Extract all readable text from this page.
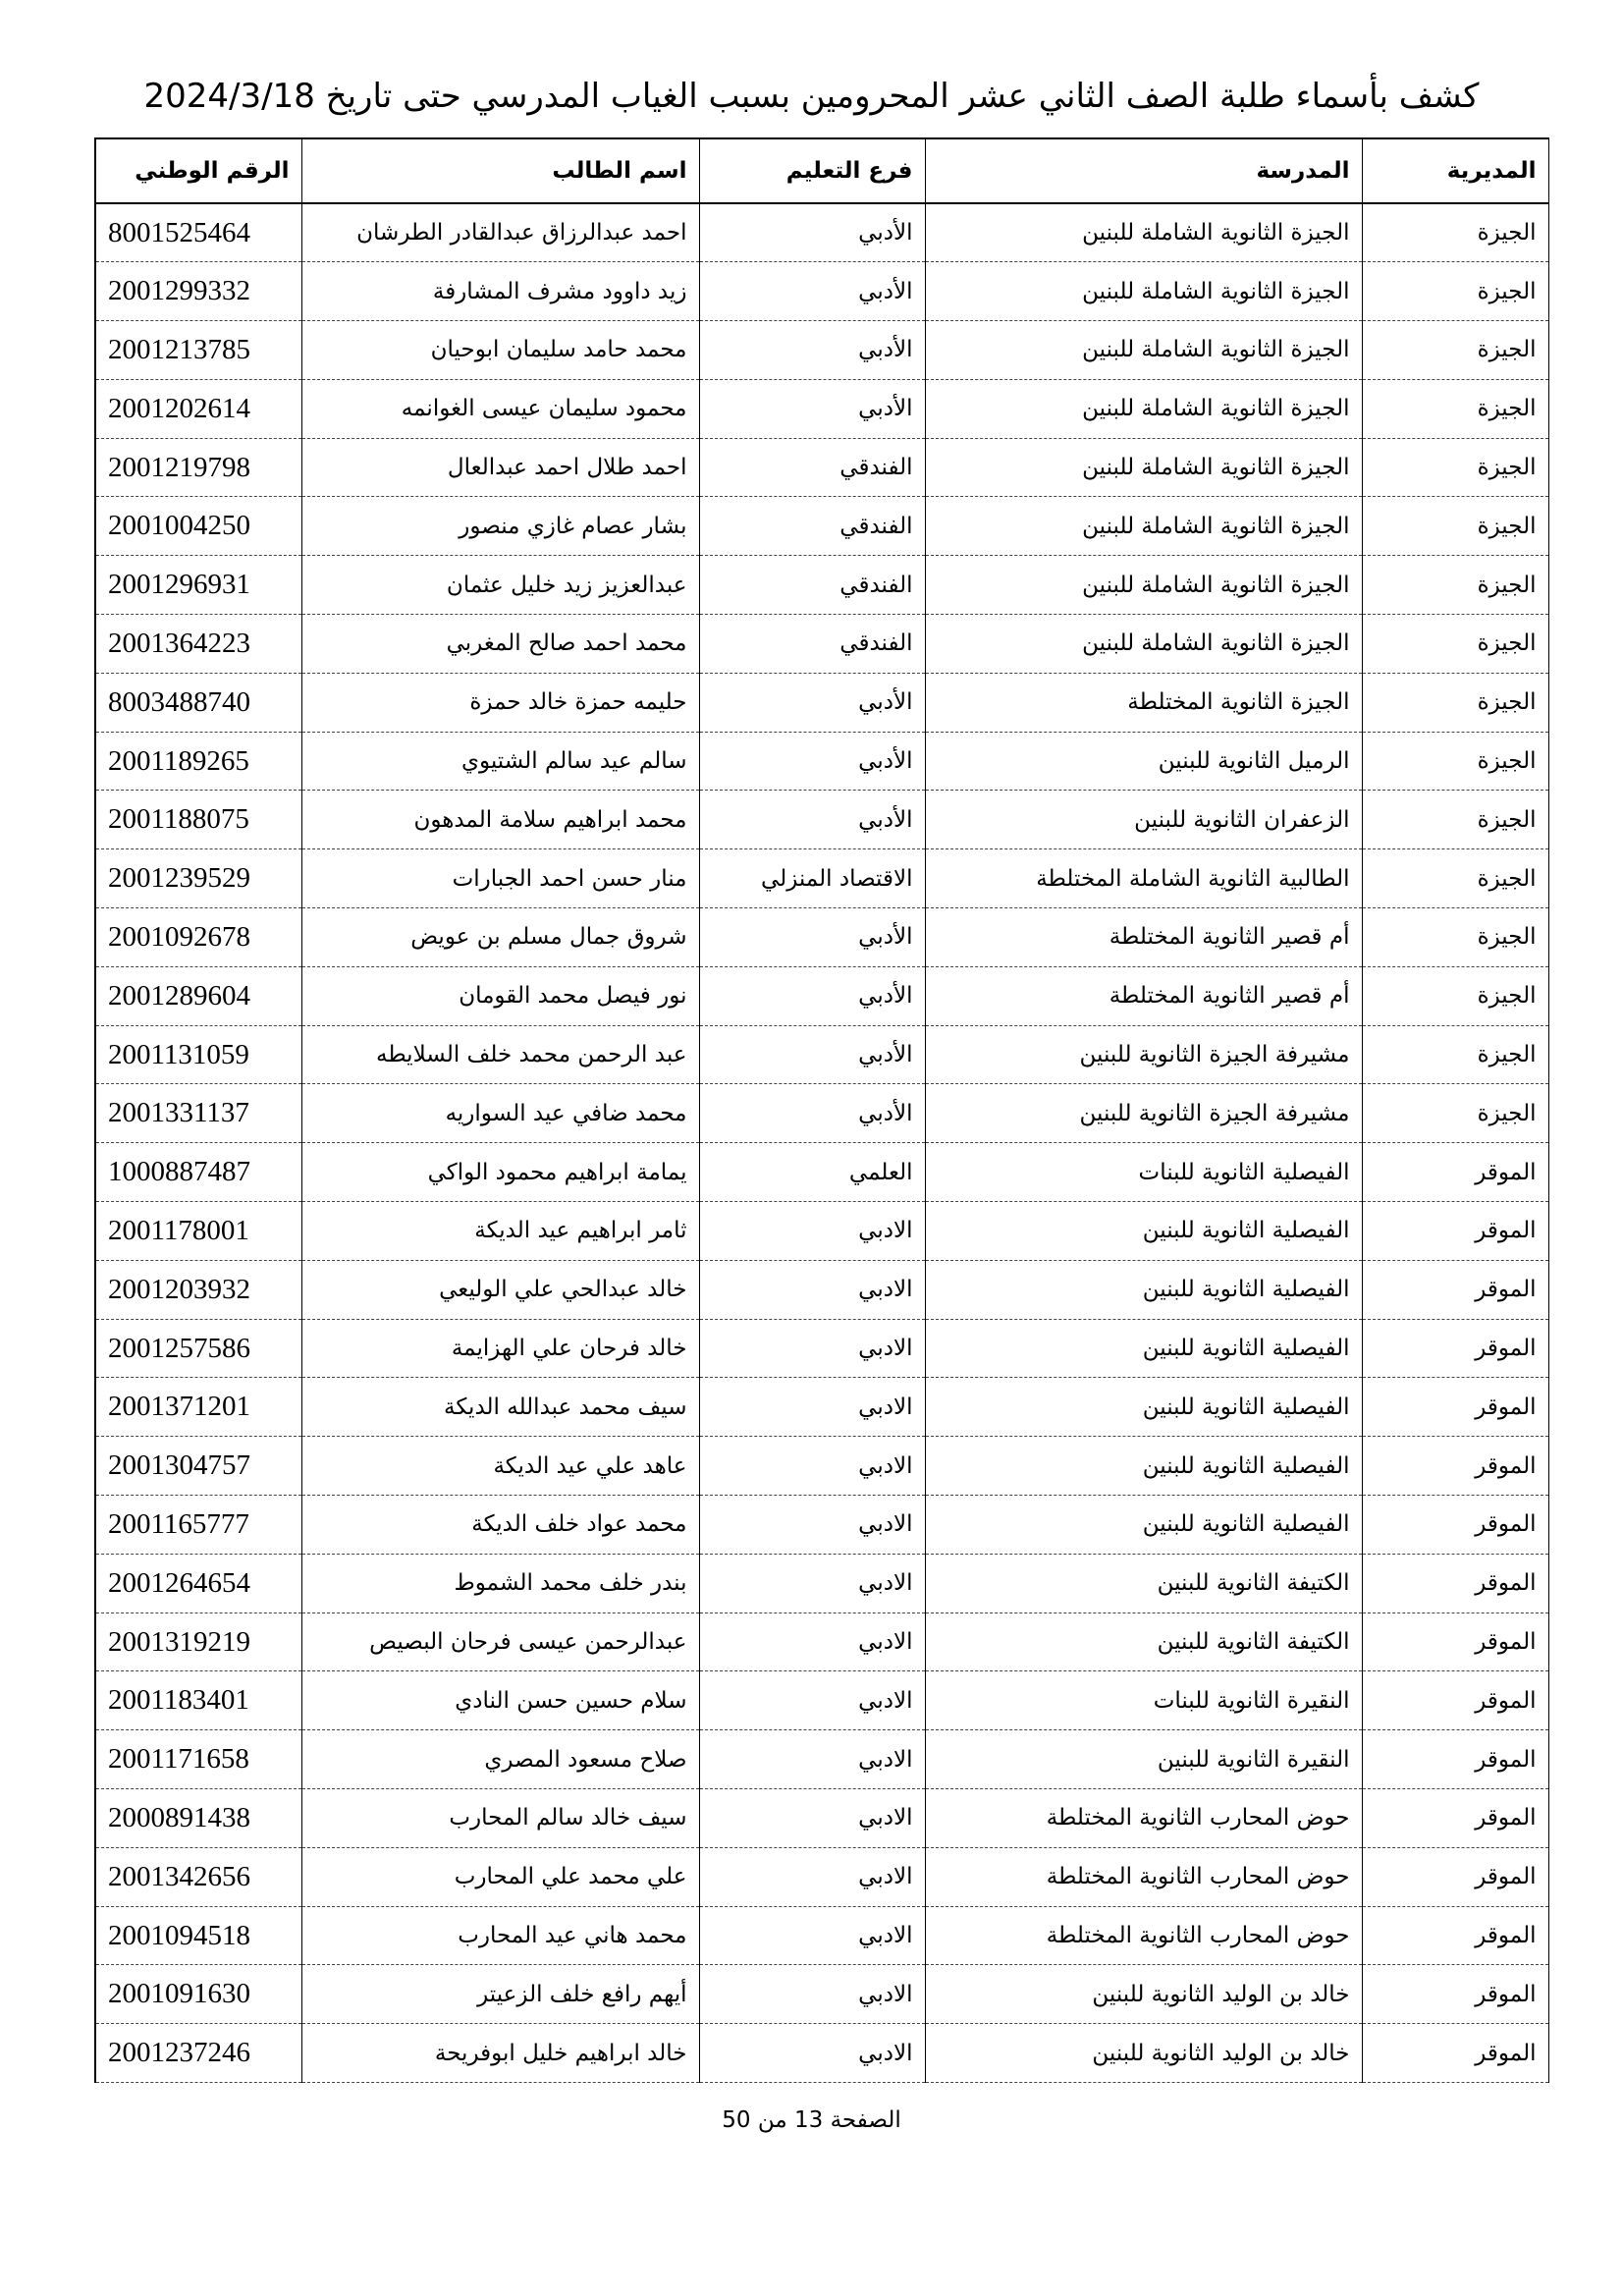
كشف بأسماء طلبة الصف الثاني عشر المحرومين بسبب الغياب المدرسي حتى تاريخ 2024/3/18
المديرية	المدرسة	فرع التعليم	اسم الطالب	الرقم الوطني
الجيزة	الجيزة الثانوية الشاملة للبنين	الأدبي	احمد عبدالرزاق عبدالقادر الطرشان	8001525464
الجيزة	الجيزة الثانوية الشاملة للبنين	الأدبي	زيد داوود مشرف المشارفة	2001299332
الجيزة	الجيزة الثانوية الشاملة للبنين	الأدبي	محمد حامد سليمان ابوحيان	2001213785
الجيزة	الجيزة الثانوية الشاملة للبنين	الأدبي	محمود سليمان عيسى الغوانمه	2001202614
الجيزة	الجيزة الثانوية الشاملة للبنين	الفندقي	احمد طلال احمد عبدالعال	2001219798
الجيزة	الجيزة الثانوية الشاملة للبنين	الفندقي	بشار عصام غازي منصور	2001004250
الجيزة	الجيزة الثانوية الشاملة للبنين	الفندقي	عبدالعزيز زيد خليل عثمان	2001296931
الجيزة	الجيزة الثانوية الشاملة للبنين	الفندقي	محمد احمد صالح المغربي	2001364223
الجيزة	الجيزة الثانوية المختلطة	الأدبي	حليمه حمزة خالد حمزة	8003488740
الجيزة	الرميل الثانوية للبنين	الأدبي	سالم عيد سالم الشتيوي	2001189265
الجيزة	الزعفران الثانوية للبنين	الأدبي	محمد ابراهيم سلامة المدهون	2001188075
الجيزة	الطالبية الثانوية الشاملة المختلطة	الاقتصاد المنزلي	منار حسن احمد الجبارات	2001239529
الجيزة	أم قصير الثانوية المختلطة	الأدبي	شروق جمال مسلم بن عويض	2001092678
الجيزة	أم قصير الثانوية المختلطة	الأدبي	نور فيصل محمد القومان	2001289604
الجيزة	مشيرفة الجيزة الثانوية للبنين	الأدبي	عبد الرحمن محمد خلف السلايطه	2001131059
الجيزة	مشيرفة الجيزة الثانوية للبنين	الأدبي	محمد ضافي عيد السواريه	2001331137
الموقر	الفيصلية الثانوية للبنات	العلمي	يمامة ابراهيم محمود الواكي	1000887487
الموقر	الفيصلية الثانوية للبنين	الادبي	ثامر ابراهيم عيد الديكة	2001178001
الموقر	الفيصلية الثانوية للبنين	الادبي	خالد عبدالحي علي الوليعي	2001203932
الموقر	الفيصلية الثانوية للبنين	الادبي	خالد فرحان علي الهزايمة	2001257586
الموقر	الفيصلية الثانوية للبنين	الادبي	سيف محمد عبدالله الديكة	2001371201
الموقر	الفيصلية الثانوية للبنين	الادبي	عاهد علي عيد الديكة	2001304757
الموقر	الفيصلية الثانوية للبنين	الادبي	محمد عواد خلف الديكة	2001165777
الموقر	الكتيفة الثانوية للبنين	الادبي	بندر خلف محمد الشموط	2001264654
الموقر	الكتيفة الثانوية للبنين	الادبي	عبدالرحمن عيسى فرحان البصيص	2001319219
الموقر	النقيرة الثانوية للبنات	الادبي	سلام حسين حسن النادي	2001183401
الموقر	النقيرة الثانوية للبنين	الادبي	صلاح مسعود المصري	2001171658
الموقر	حوض المحارب الثانوية المختلطة	الادبي	سيف خالد سالم المحارب	2000891438
الموقر	حوض المحارب الثانوية المختلطة	الادبي	علي محمد علي المحارب	2001342656
الموقر	حوض المحارب الثانوية المختلطة	الادبي	محمد هاني عيد المحارب	2001094518
الموقر	خالد بن الوليد الثانوية للبنين	الادبي	أيهم رافع خلف الزعيتر	2001091630
الموقر	خالد بن الوليد الثانوية للبنين	الادبي	خالد ابراهيم خليل ابوفريحة	2001237246
الصفحة 13 من 50
